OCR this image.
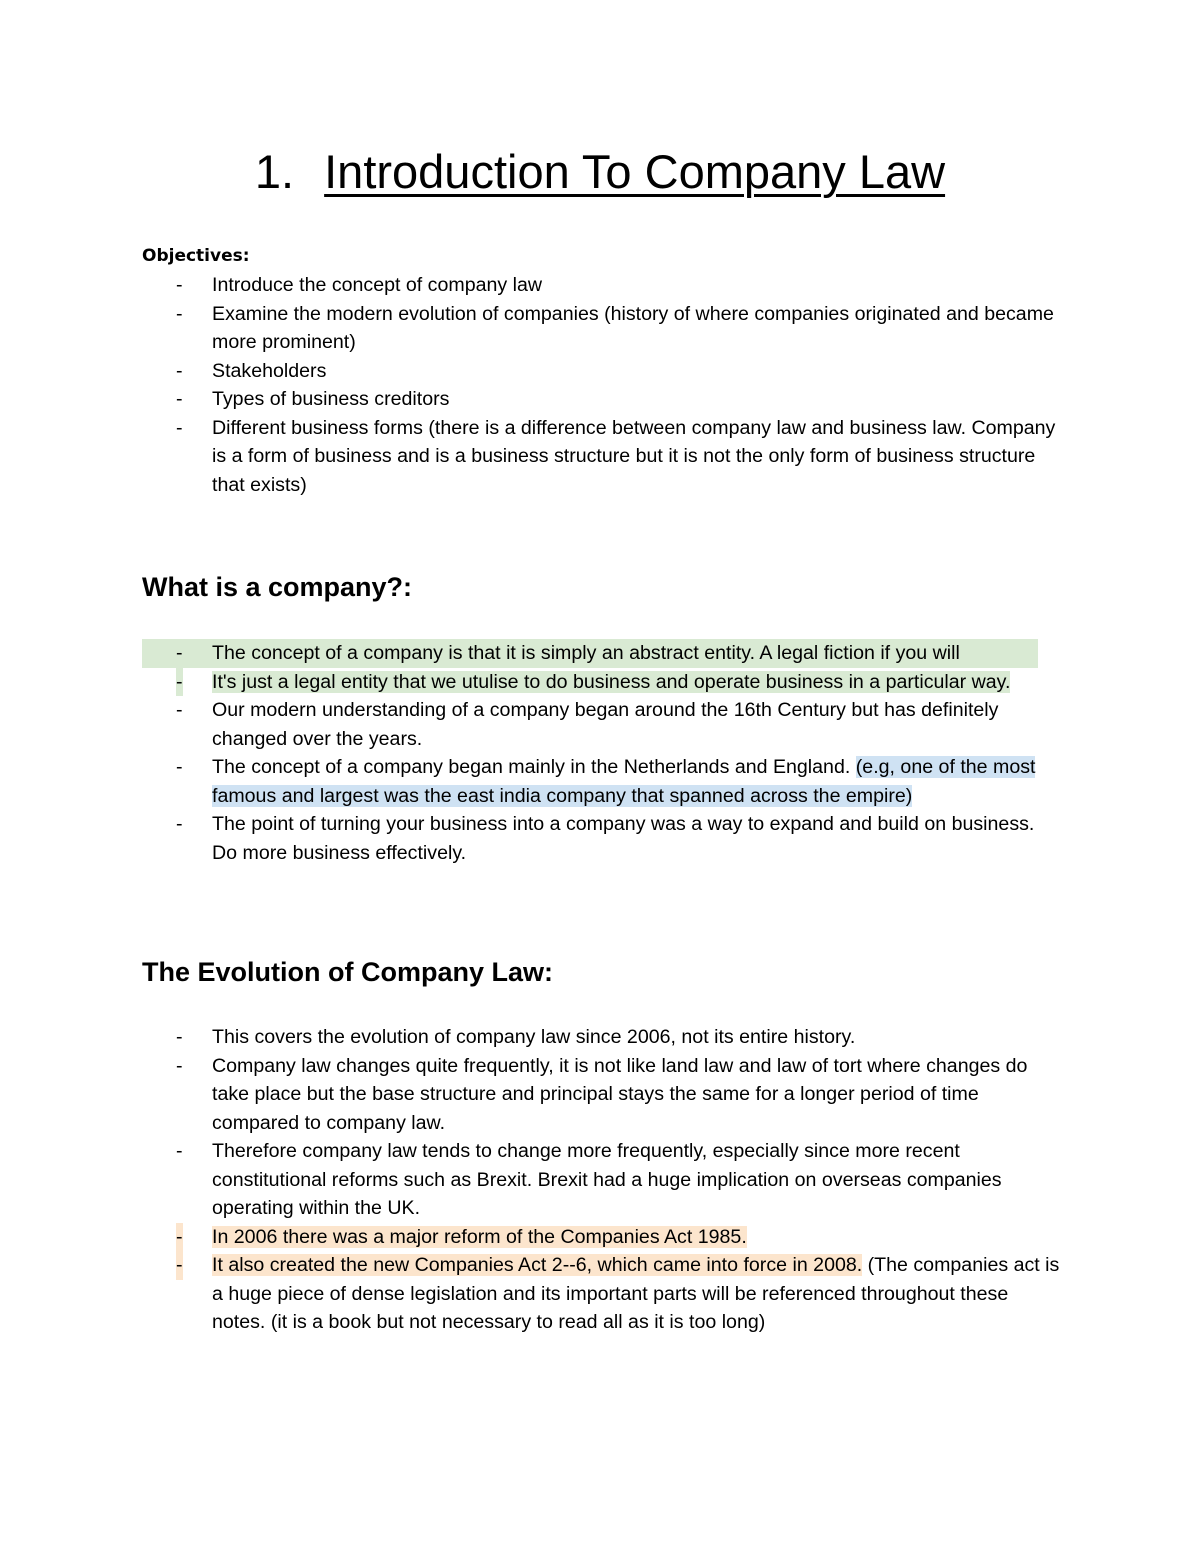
1. Introduction To Company Law
Objectives:
- Introduce the concept of company law
- Examine the modern evolution of companies (history of where companies originated and became more prominent)
- Stakeholders
- Types of business creditors
- Different business forms (there is a difference between company law and business law. Company is a form of business and is a business structure but it is not the only form of business structure that exists)
What is a company?:
- The concept of a company is that it is simply an abstract entity. A legal fiction if you will
- It's just a legal entity that we utulise to do business and operate business in a particular way.
- Our modern understanding of a company began around the 16th Century but has definitely changed over the years.
- The concept of a company began mainly in the Netherlands and England. (e.g, one of the most famous and largest was the east india company that spanned across the empire)
- The point of turning your business into a company was a way to expand and build on business. Do more business effectively.
The Evolution of Company Law:
- This covers the evolution of company law since 2006, not its entire history.
- Company law changes quite frequently, it is not like land law and law of tort where changes do take place but the base structure and principal stays the same for a longer period of time compared to company law.
- Therefore company law tends to change more frequently, especially since more recent constitutional reforms such as Brexit. Brexit had a huge implication on overseas companies operating within the UK.
- In 2006 there was a major reform of the Companies Act 1985.
- It also created the new Companies Act 2--6, which came into force in 2008. (The companies act is a huge piece of dense legislation and its important parts will be referenced throughout these notes. (it is a book but not necessary to read all as it is too long)
